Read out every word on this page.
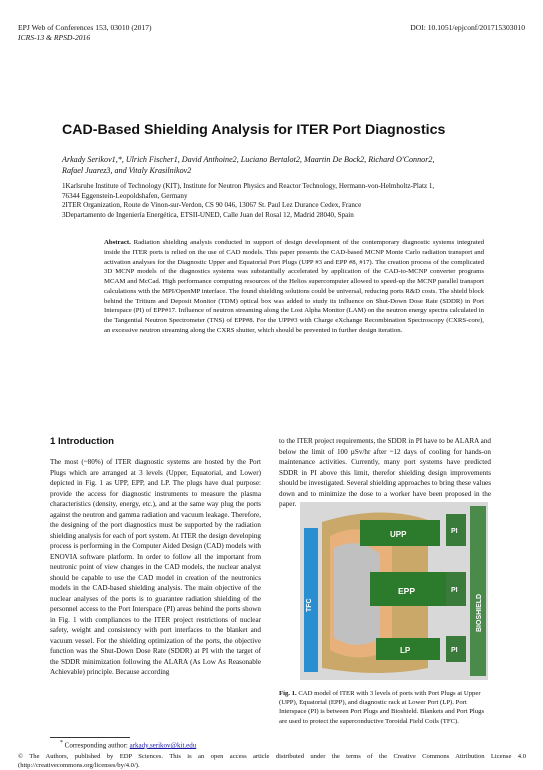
EPJ Web of Conferences 153, 03010 (2017)
ICRS-13 & RPSD-2016
DOI: 10.1051/epjconf/201715303010
CAD-Based Shielding Analysis for ITER Port Diagnostics
Arkady Serikov1,*, Ulrich Fischer1, David Anthoine2, Luciano Bertalot2, Maartin De Bock2, Richard O'Connor2,
Rafael Juarez3, and Vitaly Krasilnikov2
1Karlsruhe Institute of Technology (KIT), Institute for Neutron Physics and Reactor Technology, Hermann-von-Helmholtz-Platz 1,
76344 Eggenstein-Leopoldshafen, Germany
2ITER Organization, Route de Vinon-sur-Verdon, CS 90 046, 13067 St. Paul Lez Durance Cedex, France
3Departamento de Ingeniería Energética, ETSII-UNED, Calle Juan del Rosal 12, Madrid 28040, Spain
Abstract. Radiation shielding analysis conducted in support of design development of the contemporary diagnostic systems integrated inside the ITER ports is relied on the use of CAD models. This paper presents the CAD-based MCNP Monte Carlo radiation transport and activation analyses for the Diagnostic Upper and Equatorial Port Plugs (UPP #3 and EPP #8, #17). The creation process of the complicated 3D MCNP models of the diagnostics systems was substantially accelerated by application of the CAD-to-MCNP converter programs MCAM and McCad. High performance computing resources of the Helios supercomputer allowed to speed-up the MCNP parallel transport calculations with the MPI/OpenMP interface. The found shielding solutions could be universal, reducing ports R&D costs. The shield block behind the Tritium and Deposit Monitor (TDM) optical box was added to study its influence on Shut-Down Dose Rate (SDDR) in Port Interspace (PI) of EPP#17. Influence of neutron streaming along the Lost Alpha Monitor (LAM) on the neutron energy spectra calculated in the Tangential Neutron Spectrometer (TNS) of EPP#8. For the UPP#3 with Charge eXchange Recombination Spectroscopy (CXRS-core), an excessive neutron streaming along the CXRS shutter, which should be prevented in further design iteration.
1 Introduction
The most (~80%) of ITER diagnostic systems are hosted by the Port Plugs which are arranged at 3 levels (Upper, Equatorial, and Lower) depicted in Fig. 1 as UPP, EPP, and LP. The plugs have dual purpose: provide the access for diagnostic instruments to measure the plasma characteristics (density, energy, etc.), and at the same way plug the ports against the neutron and gamma radiation and vacuum leakage. Therefore, the designing of the port diagnostics must be supported by the radiation shielding analysis for each of port system. At ITER the design developing process is performing in the Computer Aided Design (CAD) models with ENOVIA software platform. In order to follow all the important from neutronic point of view changes in the CAD models, the nuclear analyst should be capable to use the CAD model in creation of the neutronics models in the CAD-based shielding analysis. The main objective of the nuclear analyses of the ports is to guarantee radiation shielding of the personnel access to the Port Interspace (PI) areas behind the ports shown in Fig. 1 with compliances to the ITER project restrictions of nuclear safety, weight and consistency with port interfaces to the blanket and vacuum vessel. For the shielding optimization of the ports, the objective function was the Shut-Down Dose Rate (SDDR) at PI with the target of the SDDR minimization following the ALARA (As Low As Reasonable Achievable) principle. Because according
to the ITER project requirements, the SDDR in PI have to be ALARA and below the limit of 100 µSv/hr after ~12 days of cooling for hands-on maintenance activities. Currently, many port systems have predicted SDDR in PI above this limit, therefor shielding design improvements should be investigated. Several shielding approaches to bring these values down and to minimize the dose to a worker have been proposed in the paper.
TFC
UPP
EPP
LP
PI
PI
PI
BIOSHIELD
Fig. 1. CAD model of ITER with 3 levels of ports with Port Plugs at Upper (UPP), Equatorial (EPP), and diagnostic rack at Lower Port (LP). Port Interspace (PI) is between Port Plugs and Bioshield. Blankets and Port Plugs are used to protect the superconductive Toroidal Field Coils (TFC).
* Corresponding author: arkady.serikov@kit.edu
© The Authors, published by EDP Sciences. This is an open access article distributed under the terms of the Creative Commons Attribution License 4.0 (http://creativecommons.org/licenses/by/4.0/).
